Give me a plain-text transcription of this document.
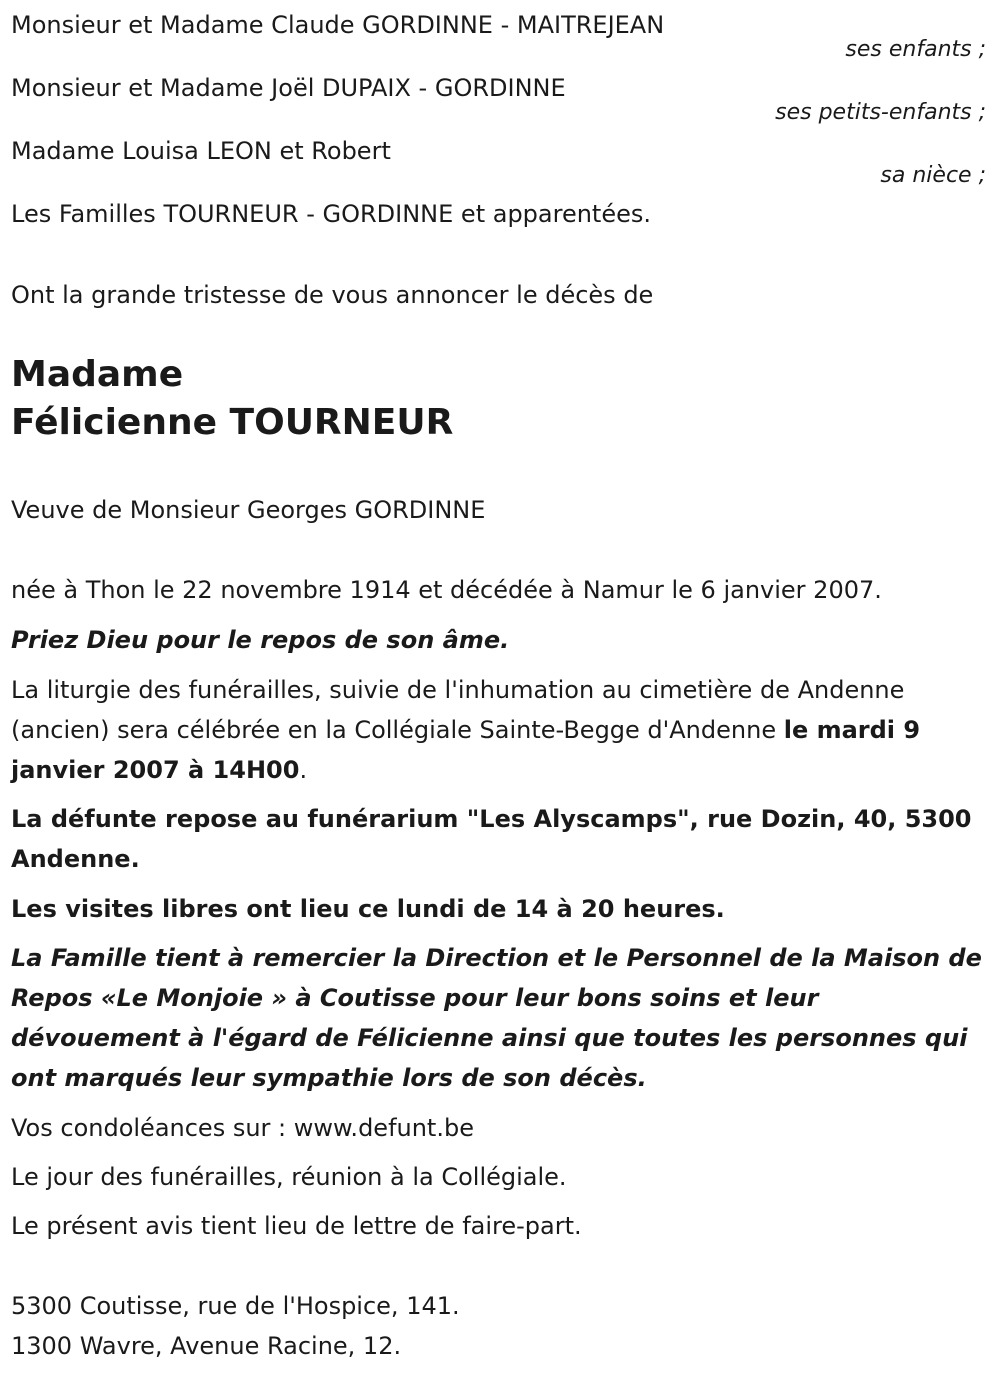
Monsieur et Madame Claude GORDINNE - MAITREJEAN
ses enfants ;
Monsieur et Madame Joël DUPAIX - GORDINNE
ses petits-enfants ;
Madame Louisa LEON et Robert
sa nièce ;
Les Familles TOURNEUR - GORDINNE et apparentées.
Ont la grande tristesse de vous annoncer le décès de
Madame
Félicienne TOURNEUR
Veuve de Monsieur Georges GORDINNE
née à Thon le 22 novembre 1914 et décédée à Namur le 6 janvier 2007.
Priez Dieu pour le repos de son âme.
La liturgie des funérailles, suivie de l'inhumation au cimetière de Andenne (ancien) sera célébrée en la Collégiale Sainte-Begge d'Andenne le mardi 9 janvier 2007 à 14H00.
La défunte repose au funérarium "Les Alyscamps", rue Dozin, 40, 5300 Andenne.
Les visites libres ont lieu ce lundi de 14 à 20 heures.
La Famille tient à remercier la Direction et le Personnel de la Maison de Repos «Le Monjoie » à Coutisse pour leur bons soins et leur dévouement à l'égard de Félicienne ainsi que toutes les personnes qui ont marqués leur sympathie lors de son décès.
Vos condoléances sur : www.defunt.be
Le jour des funérailles, réunion à la Collégiale.
Le présent avis tient lieu de lettre de faire-part.
5300 Coutisse, rue de l'Hospice, 141.
1300 Wavre, Avenue Racine, 12.
